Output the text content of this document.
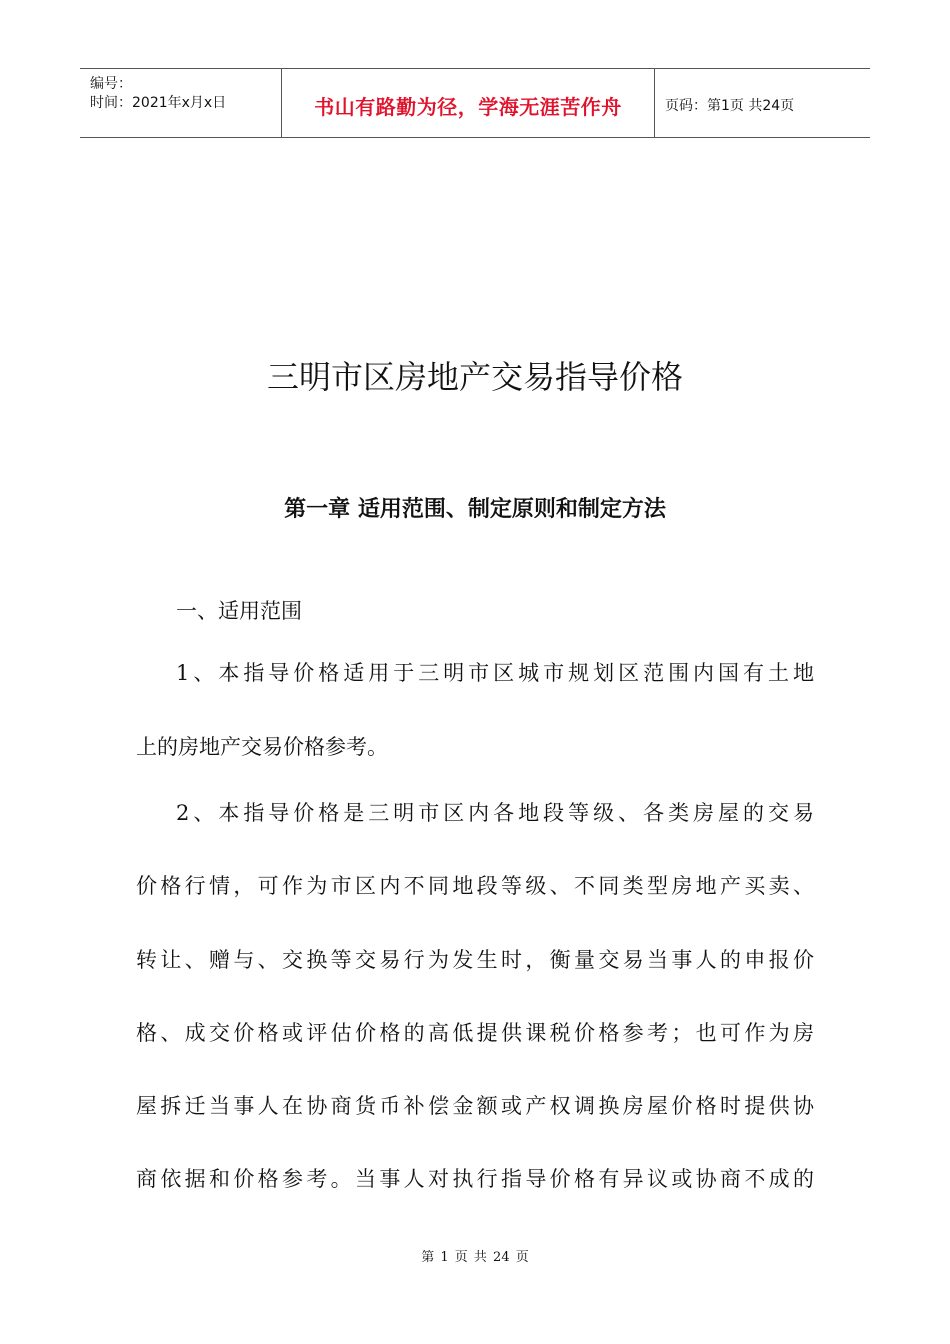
编号：
时间：2021年x月x日	书山有路勤为径，学海无涯苦作舟	页码：第1页 共24页
三明市区房地产交易指导价格
第一章 适用范围、制定原则和制定方法
一、适用范围
1、本指导价格适用于三明市区城市规划区范围内国有土地
上的房地产交易价格参考。
2、本指导价格是三明市区内各地段等级、各类房屋的交易
价格行情，可作为市区内不同地段等级、不同类型房地产买卖、
转让、赠与、交换等交易行为发生时，衡量交易当事人的申报价
格、成交价格或评估价格的高低提供课税价格参考；也可作为房
屋拆迁当事人在协商货币补偿金额或产权调换房屋价格时提供协
商依据和价格参考。当事人对执行指导价格有异议或协商不成的
第 1 页 共 24 页
